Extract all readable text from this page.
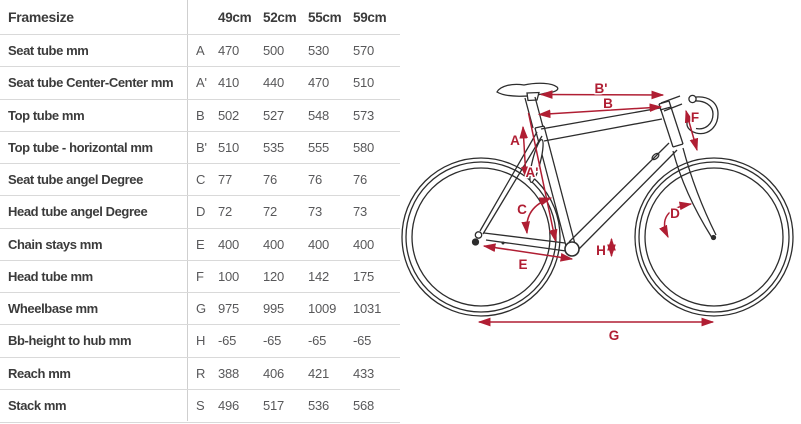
Framesize	49cm 52cm 55cm 59cm
Seat tube mm	A	470	500	530	570
Seat tube Center-Center mm	A' 410	440	470	510
Top tube mm	B	502	527	548	573
Top tube - horizontal mm	B' 510	535	555	580
Seat tube angel Degree	C 77	76	76	76
Head tube angel Degree	D 72	72	73	73
Chain stays mm	E	400	400	400	400
Head tube mm	F	100	120	142	175
Wheelbase mm	G 975	995	1009	1031
Bb-height to hub mm	H -65	-65	-65	-65
Reach mm	R 388	406	421	433
Stack mm	S	496	517	536	568
B'
B
A
A'
C	D
E
F
G
H
